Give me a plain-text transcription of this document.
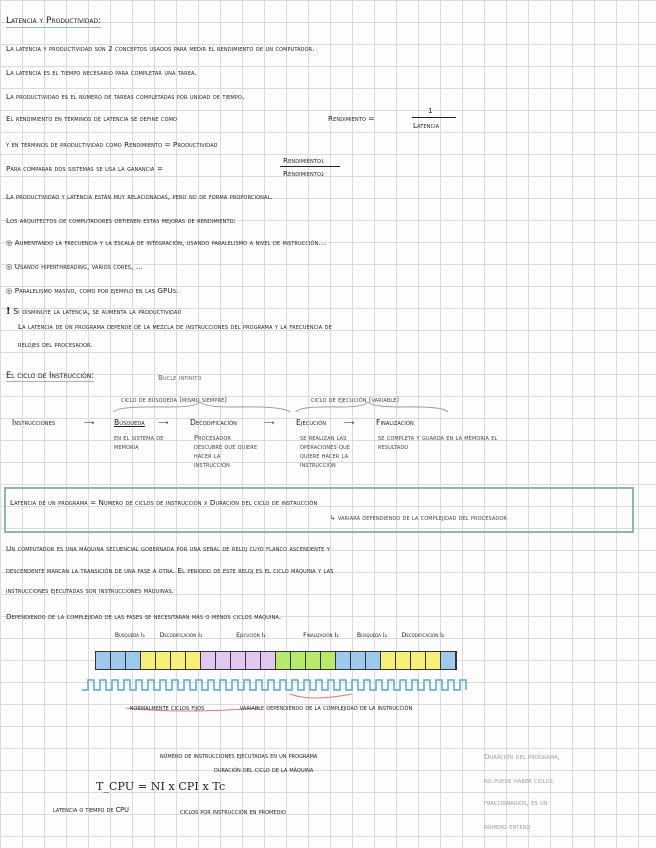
Latencia y Productividad:
La latencia y productividad son 2 conceptos usados para medir el rendimiento de un computador.
La latencia es el tiempo necesario para completar una tarea.
La productividad es el número de tareas completadas por unidad de tiempo.
El rendimiento en términos de latencia se define como	Rendimiento =
1
Latencia
y en términos de productividad como Rendimiento = Productividad
Para comparar dos sistemas se usa la ganancia =
Rendimiento₁
Rendimiento₂
La productividad y latencia están muy relacionadas, pero no de forma proporcional.
Los arquitectos de computadores obtienen estas mejoras de rendimiento:
◎ Aumentando la frecuencia y la escala de integración, usando paralelismo a nivel de instrucción...
◎ Usando hiperthreading, varios cores, ...
◎ Paralelismo masivo, como por ejemplo en las GPUs.
! Si disminuye la latencia, se aumenta la productividad
La latencia de un programa depende de la mezcla de instrucciones del programa y la frecuencia de
relojes del procesador.
El ciclo de Instrucción:	Bucle infinito
ciclo de búsqueda (mismo siempre)	ciclo de ejecución (variable)
Instrucciones	⟶	Búsqueda ⟶	Decodificación	⟶	Ejecución ⟶	Finalización
en el sistema de memoria
Procesador descubre qué quiere hacer la instrucción
se realizan las operaciones que quiere hacer la instrucción
se completa y guarda en la memoria el resultado
Latencia de un programa = Número de ciclos de instrucción x Duración del ciclo de instrucción
↳ variará dependiendo de la complejidad del procesador
Un computador es una máquina secuencial gobernada por una señal de reloj cuyo flanco ascendente y
descendente marcan la transición de una fase a otra. El periodo de este reloj es el ciclo máquina y las
instrucciones ejecutadas son instrucciones máquinas.
Dependiendo de la complejidad de las fases se necesitarán más o menos ciclos máquina.
Búsqueda I₁	Decodificación I₁	Ejecución I₁	Finalización I₁	Búsqueda I₂	Decodificación I₂
normalmente ciclos fijos	variable dependiendo de la complejidad de la instrucción
número de instrucciones ejecutadas en un programa
duración del ciclo de la máquina
T_CPU = NI x CPI x Tc
latencia o tiempo de CPU	ciclos por instrucción en promedio
Duración del programa,
no puede haber ciclos
fraccionarios, es un
número entero
